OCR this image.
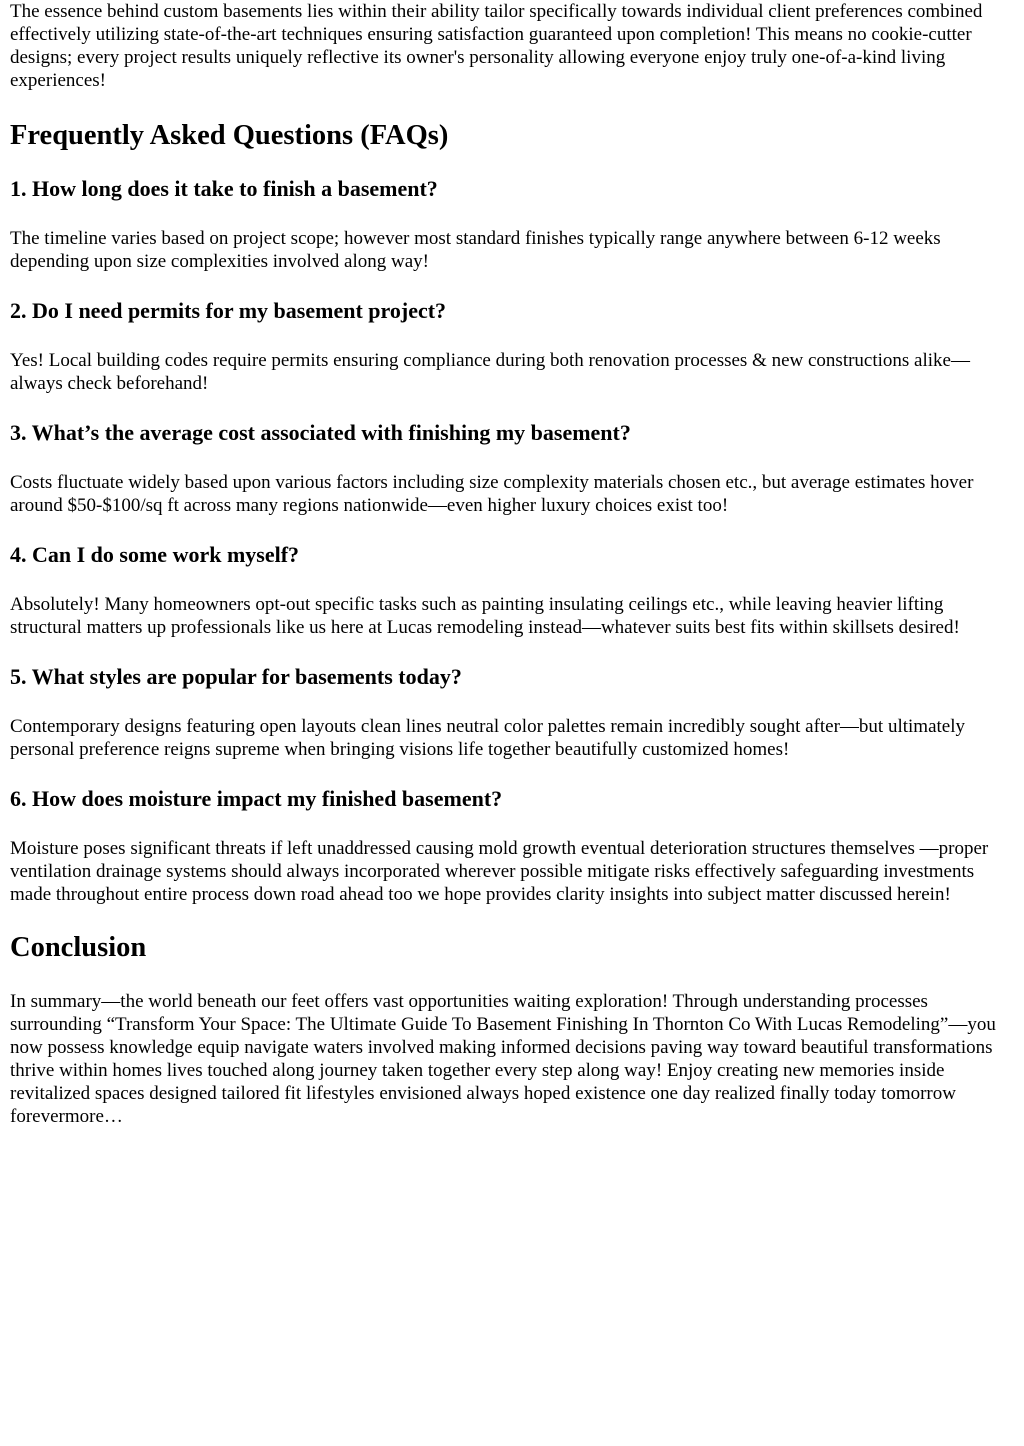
The essence behind custom basements lies within their ability tailor specifically towards individual client preferences combined effectively utilizing state-of-the-art techniques ensuring satisfaction guaranteed upon completion! This means no cookie-cutter designs; every project results uniquely reflective its owner's personality allowing everyone enjoy truly one-of-a-kind living experiences!

Frequently Asked Questions (FAQs)
1. How long does it take to finish a basement?

The timeline varies based on project scope; however most standard finishes typically range anywhere between 6-12 weeks depending upon size complexities involved along way!

2. Do I need permits for my basement project?

Yes! Local building codes require permits ensuring compliance during both renovation processes & new constructions alike—always check beforehand!

3. What’s the average cost associated with finishing my basement?

Costs fluctuate widely based upon various factors including size complexity materials chosen etc., but average estimates hover around $50-$100/sq ft across many regions nationwide—even higher luxury choices exist too!

4. Can I do some work myself?

Absolutely! Many homeowners opt-out specific tasks such as painting insulating ceilings etc., while leaving heavier lifting structural matters up professionals like us here at Lucas remodeling instead—whatever suits best fits within skillsets desired!

5. What styles are popular for basements today?

Contemporary designs featuring open layouts clean lines neutral color palettes remain incredibly sought after—but ultimately personal preference reigns supreme when bringing visions life together beautifully customized homes!

6. How does moisture impact my finished basement?

Moisture poses significant threats if left unaddressed causing mold growth eventual deterioration structures themselves —proper ventilation drainage systems should always incorporated wherever possible mitigate risks effectively safeguarding investments made throughout entire process down road ahead too we hope provides clarity insights into subject matter discussed herein!

Conclusion

In summary—the world beneath our feet offers vast opportunities waiting exploration! Through understanding processes surrounding “Transform Your Space: The Ultimate Guide To Basement Finishing In Thornton Co With Lucas Remodeling”—you now possess knowledge equip navigate waters involved making informed decisions paving way toward beautiful transformations thrive within homes lives touched along journey taken together every step along way! Enjoy creating new memories inside revitalized spaces designed tailored fit lifestyles envisioned always hoped existence one day realized finally today tomorrow forevermore…
